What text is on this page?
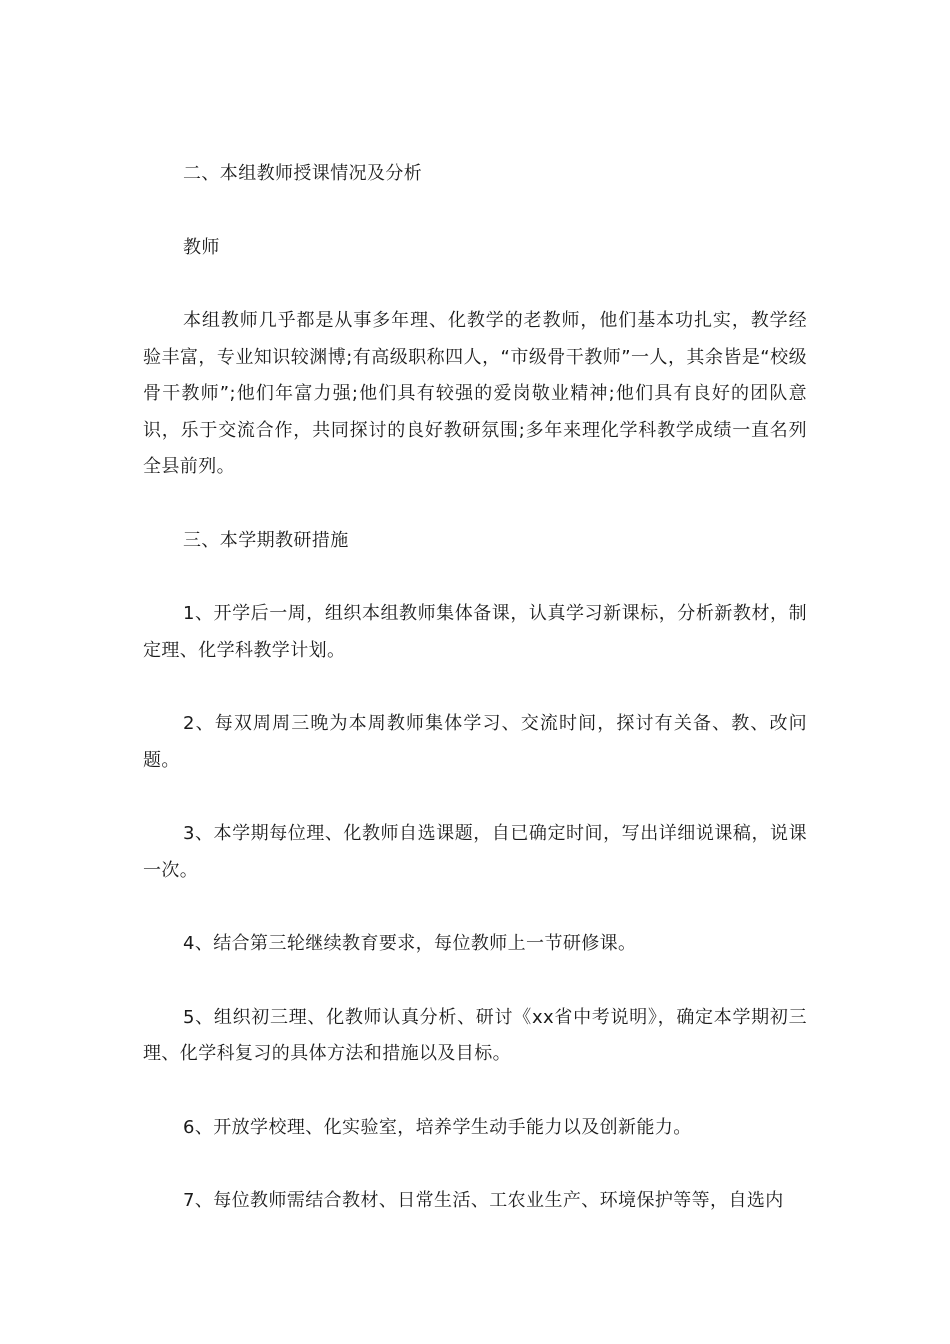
二、本组教师授课情况及分析

教师

本组教师几乎都是从事多年理、化教学的老教师，他们基本功扎实，教学经验丰富，专业知识较渊博;有高级职称四人，“市级骨干教师”一人，其余皆是“校级骨干教师”;他们年富力强;他们具有较强的爱岗敬业精神;他们具有良好的团队意识，乐于交流合作，共同探讨的良好教研氛围;多年来理化学科教学成绩一直名列全县前列。

三、本学期教研措施

1、开学后一周，组织本组教师集体备课，认真学习新课标，分析新教材，制定理、化学科教学计划。

2、每双周周三晚为本周教师集体学习、交流时间，探讨有关备、教、改问题。

3、本学期每位理、化教师自选课题，自已确定时间，写出详细说课稿，说课一次。

4、结合第三轮继续教育要求，每位教师上一节研修课。

5、组织初三理、化教师认真分析、研讨《xx省中考说明》，确定本学期初三理、化学科复习的具体方法和措施以及目标。

6、开放学校理、化实验室，培养学生动手能力以及创新能力。

7、每位教师需结合教材、日常生活、工农业生产、环境保护等等，自选内
